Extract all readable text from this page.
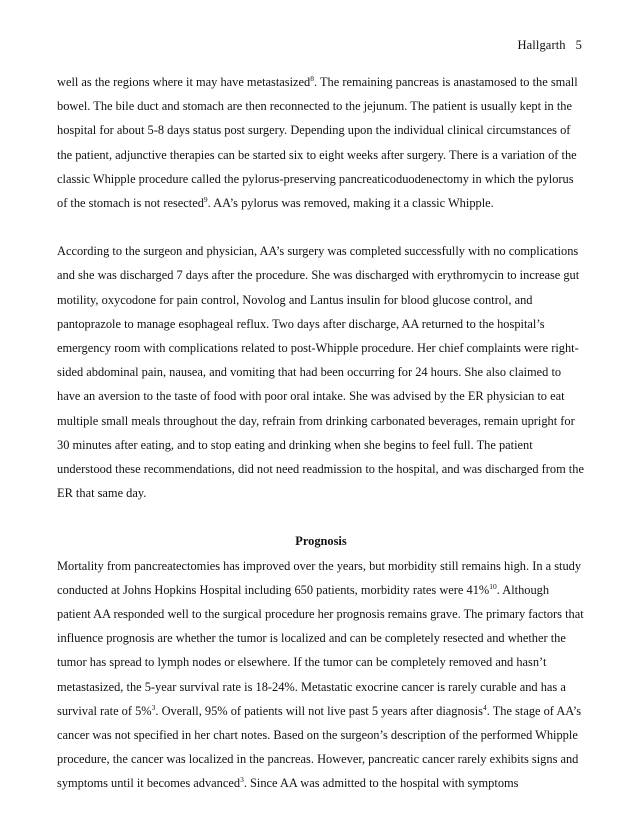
Hallgarth 5

well as the regions where it may have metastasized$^8$. The remaining pancreas is anastamosed to the small bowel. The bile duct and stomach are then reconnected to the jejunum. The patient is usually kept in the hospital for about 5-8 days status post surgery. Depending upon the individual clinical circumstances of the patient, adjunctive therapies can be started six to eight weeks after surgery. There is a variation of the classic Whipple procedure called the pylorus-preserving pancreaticoduodenectomy in which the pylorus of the stomach is not resected$^9$. AA’s pylorus was removed, making it a classic Whipple.

According to the surgeon and physician, AA’s surgery was completed successfully with no complications and she was discharged 7 days after the procedure. She was discharged with erythromycin to increase gut motility, oxycodone for pain control, Novolog and Lantus insulin for blood glucose control, and pantoprazole to manage esophageal reflux. Two days after discharge, AA returned to the hospital’s emergency room with complications related to post-Whipple procedure. Her chief complaints were right-sided abdominal pain, nausea, and vomiting that had been occurring for 24 hours. She also claimed to have an aversion to the taste of food with poor oral intake. She was advised by the ER physician to eat multiple small meals throughout the day, refrain from drinking carbonated beverages, remain upright for 30 minutes after eating, and to stop eating and drinking when she begins to feel full. The patient understood these recommendations, did not need readmission to the hospital, and was discharged from the ER that same day.

Prognosis

Mortality from pancreatectomies has improved over the years, but morbidity still remains high. In a study conducted at Johns Hopkins Hospital including 650 patients, morbidity rates were 41%$^{10}$. Although patient AA responded well to the surgical procedure her prognosis remains grave. The primary factors that influence prognosis are whether the tumor is localized and can be completely resected and whether the tumor has spread to lymph nodes or elsewhere. If the tumor can be completely removed and hasn’t metastasized, the 5-year survival rate is 18-24%. Metastatic exocrine cancer is rarely curable and has a survival rate of 5%$^3$. Overall, 95% of patients will not live past 5 years after diagnosis$^4$. The stage of AA’s cancer was not specified in her chart notes. Based on the surgeon’s description of the performed Whipple procedure, the cancer was localized in the pancreas. However, pancreatic cancer rarely exhibits signs and symptoms until it becomes advanced$^3$. Since AA was admitted to the hospital with symptoms
